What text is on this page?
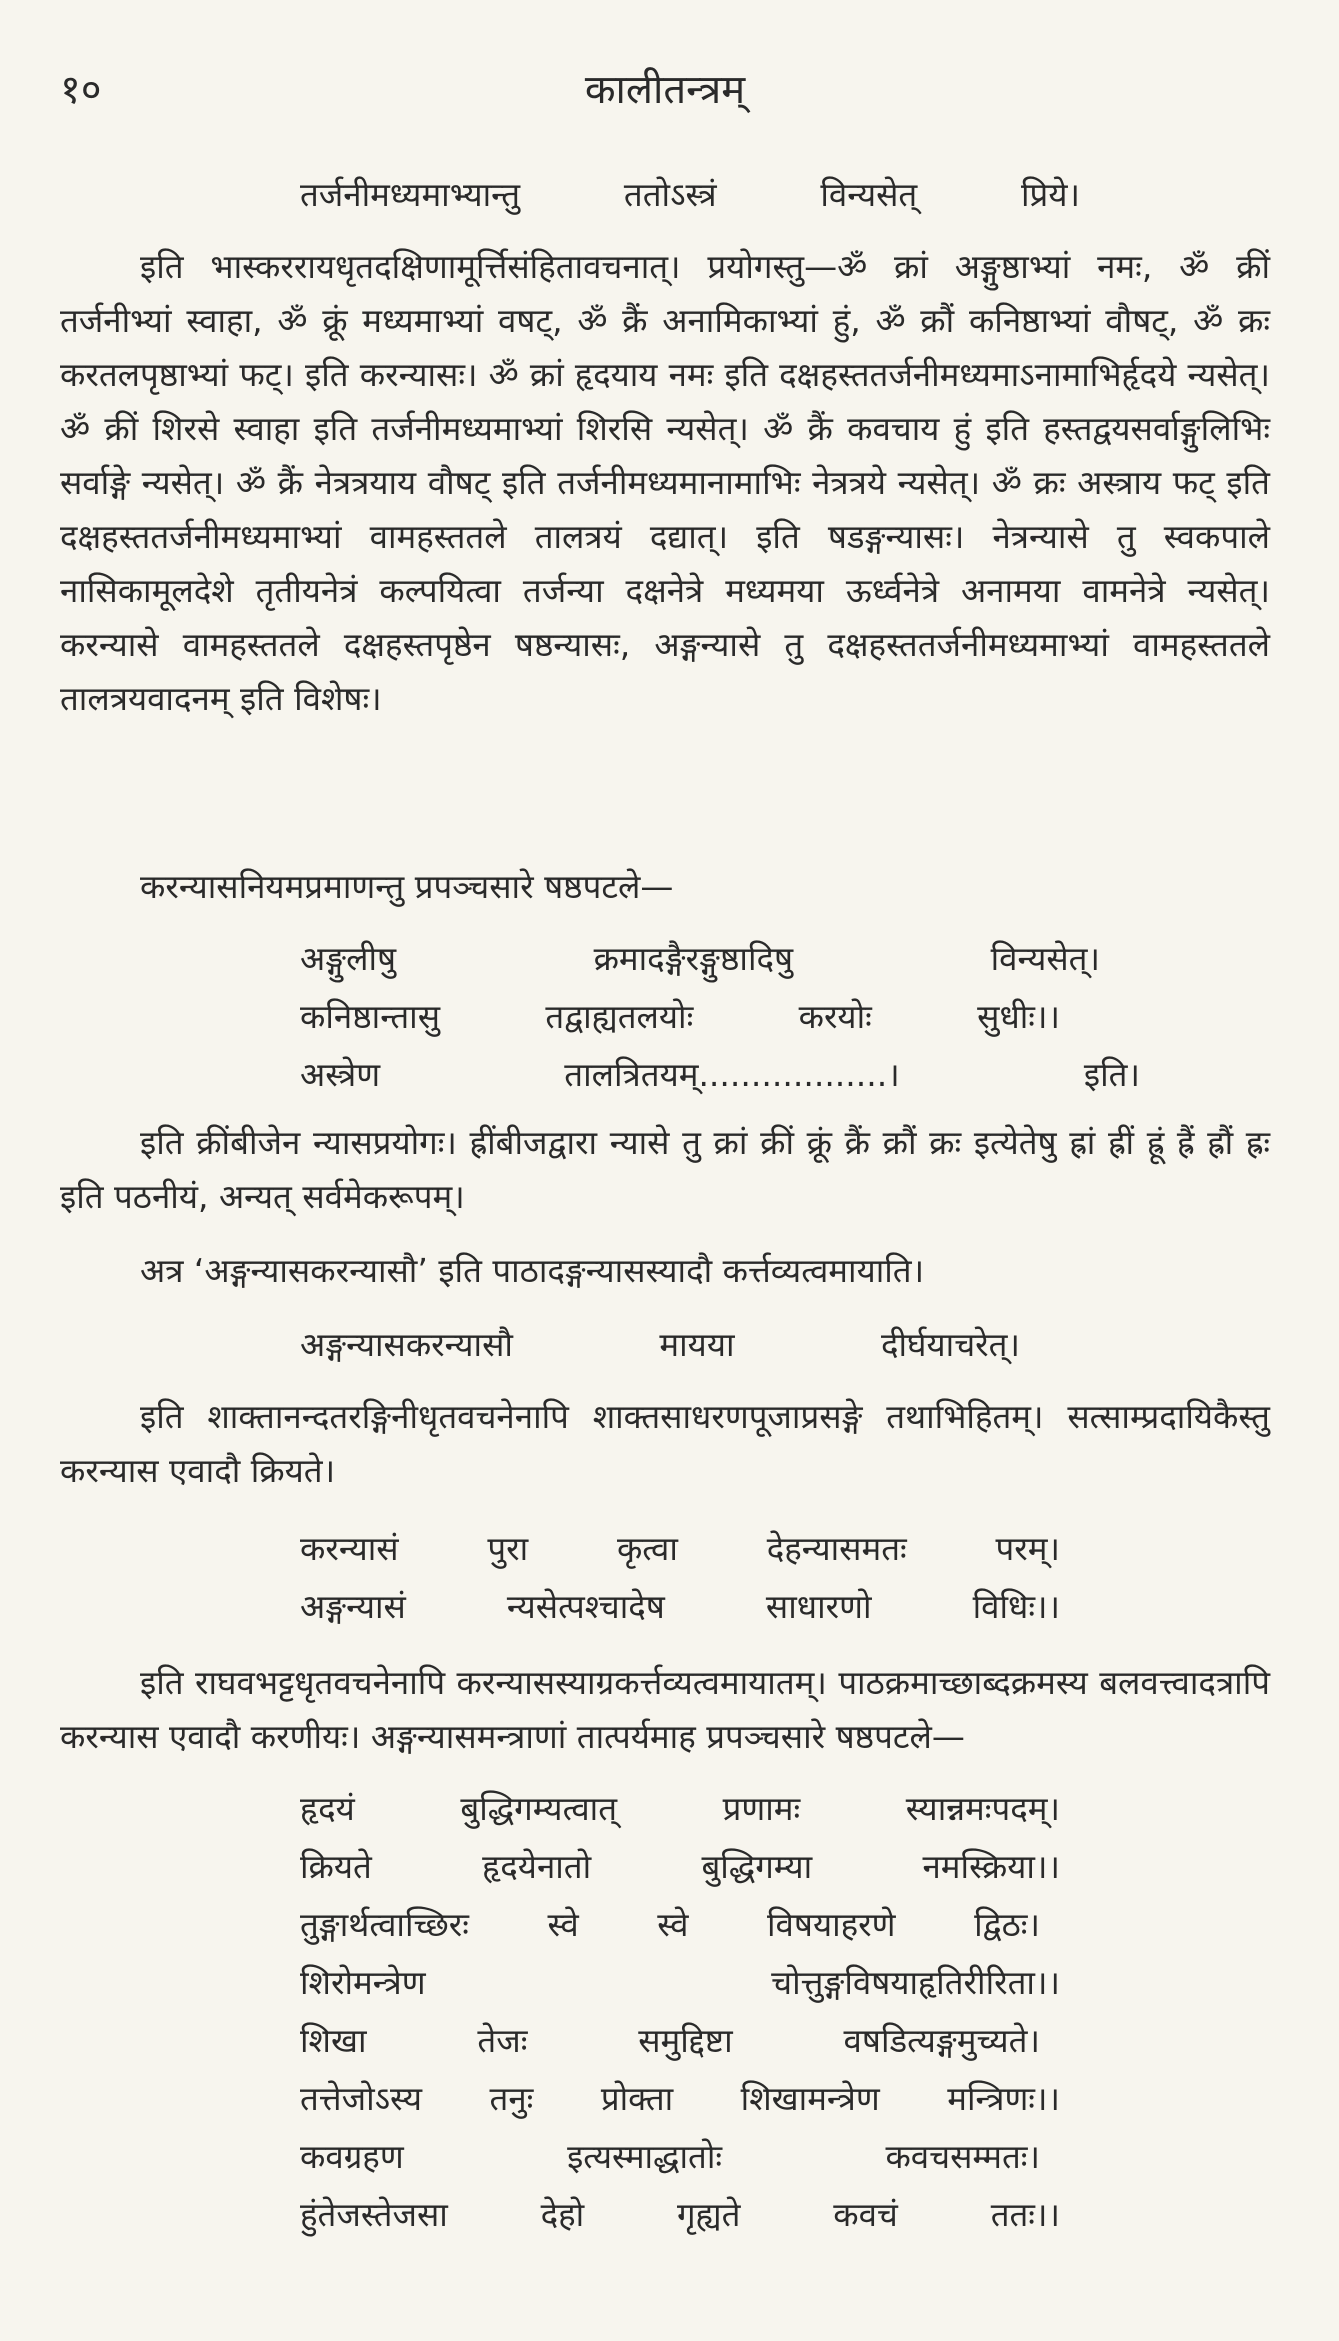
१०	कालीतन्त्रम्
तर्जनीमध्यमाभ्यान्तु	ततोऽस्त्रं	विन्यसेत्	प्रिये।

इति भास्कररायधृतदक्षिणामूर्त्तिसंहितावचनात्। प्रयोगस्तु—ॐ क्रां अङ्गुष्ठाभ्यां नमः, ॐ क्रीं तर्जनीभ्यां स्वाहा, ॐ क्रूं मध्यमाभ्यां वषट्, ॐ क्रैं अनामिकाभ्यां हुं, ॐ क्रौं कनिष्ठाभ्यां वौषट्, ॐ क्रः करतलपृष्ठाभ्यां फट्। इति करन्यासः। ॐ क्रां हृदयाय नमः इति दक्षहस्ततर्जनीमध्यमाऽनामाभिर्हृदये न्यसेत्। ॐ क्रीं शिरसे स्वाहा इति तर्जनीमध्यमाभ्यां शिरसि न्यसेत्। ॐ क्रैं कवचाय हुं इति हस्तद्वयसर्वाङ्गुलिभिः सर्वाङ्गे न्यसेत्। ॐ क्रैं नेत्रत्रयाय वौषट् इति तर्जनीमध्यमानामाभिः नेत्रत्रये न्यसेत्। ॐ क्रः अस्त्राय फट् इति दक्षहस्ततर्जनीमध्यमाभ्यां वामहस्ततले तालत्रयं दद्यात्। इति षडङ्गन्यासः। नेत्रन्यासे तु स्वकपाले नासिकामूलदेशे तृतीयनेत्रं कल्पयित्वा तर्जन्या दक्षनेत्रे मध्यमया ऊर्ध्वनेत्रे अनामया वामनेत्रे न्यसेत्। करन्यासे वामहस्ततले दक्षहस्तपृष्ठेन षष्ठन्यासः, अङ्गन्यासे तु दक्षहस्ततर्जनीमध्यमाभ्यां वामहस्ततले तालत्रयवादनम् इति विशेषः।

करन्यासनियमप्रमाणन्तु प्रपञ्चसारे षष्ठपटले—

अङ्गुलीषु	क्रमादङ्गैरङ्गुष्ठादिषु	विन्यसेत्।
कनिष्ठान्तासु	तद्वाह्यतलयोः	करयोः	सुधीः।।
अस्त्रेण	तालत्रितयम्..................।	इति।

इति क्रींबीजेन न्यासप्रयोगः। ह्रींबीजद्वारा न्यासे तु क्रां क्रीं क्रूं क्रैं क्रौं क्रः इत्येतेषु ह्रां ह्रीं ह्रूं ह्रैं ह्रौं ह्रः इति पठनीयं, अन्यत् सर्वमेकरूपम्।

अत्र ‘अङ्गन्यासकरन्यासौ’ इति पाठादङ्गन्यासस्यादौ कर्त्तव्यत्वमायाति।

अङ्गन्यासकरन्यासौ	मायया	दीर्घयाचरेत्।

इति शाक्तानन्दतरङ्गिनीधृतवचनेनापि शाक्तसाधरणपूजाप्रसङ्गे तथाभिहितम्। सत्साम्प्रदायिकैस्तु करन्यास एवादौ क्रियते।

करन्यासं	पुरा	कृत्वा	देहन्यासमतः	परम्।
अङ्गन्यासं	न्यसेत्पश्चादेष	साधारणो	विधिः।।

इति राघवभट्टधृतवचनेनापि करन्यासस्याग्रकर्त्तव्यत्वमायातम्। पाठक्रमाच्छाब्दक्रमस्य बलवत्त्वादत्रापि करन्यास एवादौ करणीयः। अङ्गन्यासमन्त्राणां तात्पर्यमाह प्रपञ्चसारे षष्ठपटले—

हृदयं	बुद्धिगम्यत्वात्	प्रणामः	स्यान्नमःपदम्।
क्रियते	हृदयेनातो	बुद्धिगम्या	नमस्क्रिया।।
तुङ्गार्थत्वाच्छिरः स्वे स्वे विषयाहरणे द्विठः।
शिरोमन्त्रेण	चोत्तुङ्गविषयाहृतिरीरिता।।
शिखा	तेजः	समुद्दिष्टा	वषडित्यङ्गमुच्यते।
तत्तेजोऽस्य तनुः प्रोक्ता शिखामन्त्रेण मन्त्रिणः।।
कवग्रहण	इत्यस्माद्धातोः	कवचसम्मतः।
हुंतेजस्तेजसा	देहो	गृह्यते	कवचं	ततः।।
